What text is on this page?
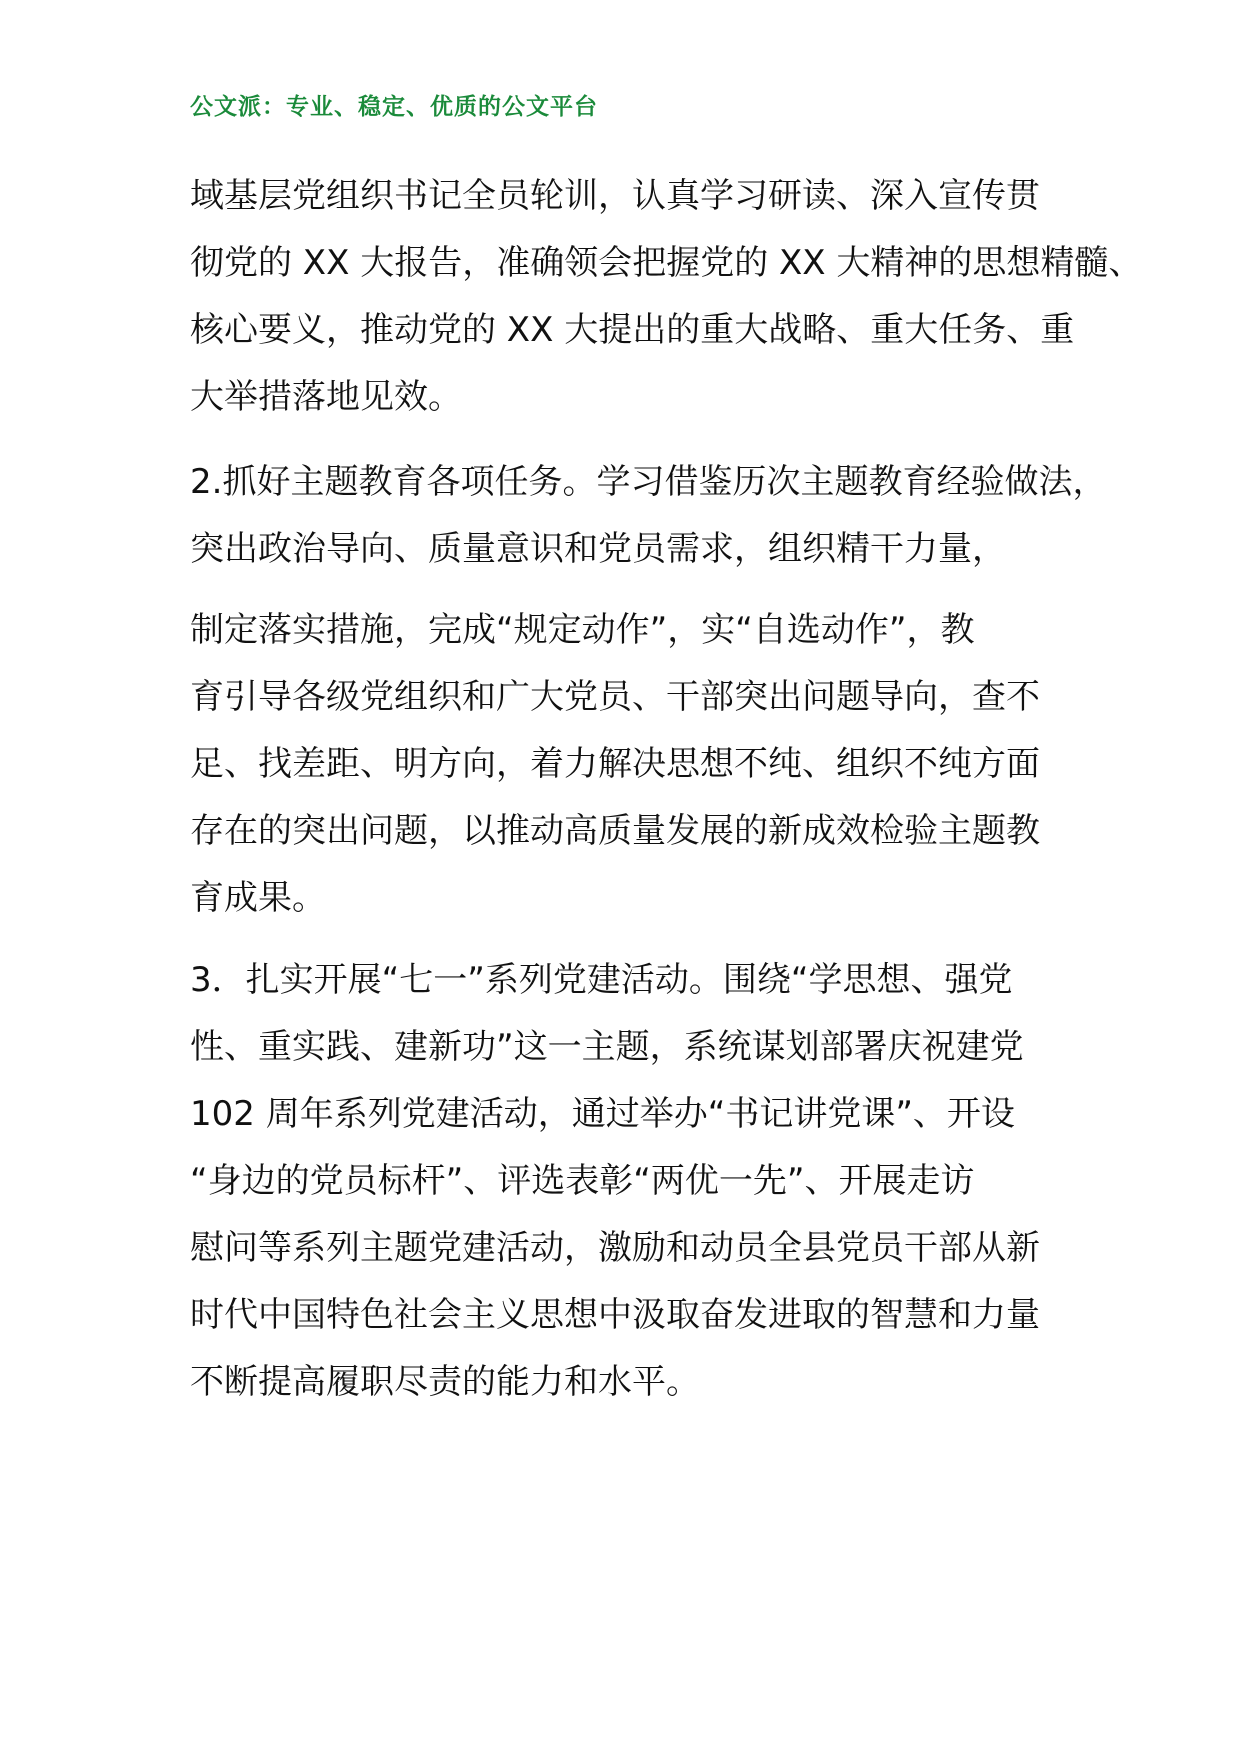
公文派：专业、稳定、优质的公文平台
域基层党组织书记全员轮训，认真学习研读、深入宣传贯
彻党的 XX 大报告，准确领会把握党的 XX 大精神的思想精髓、
核心要义，推动党的 XX 大提出的重大战略、重大任务、重
大举措落地见效。
2.抓好主题教育各项任务。学习借鉴历次主题教育经验做法，
突出政治导向、质量意识和党员需求，组织精干力量，
制定落实措施，完成“规定动作”，实“自选动作”，教
育引导各级党组织和广大党员、干部突出问题导向，查不
足、找差距、明方向，着力解决思想不纯、组织不纯方面
存在的突出问题，以推动高质量发展的新成效检验主题教
育成果。
3．扎实开展“七一”系列党建活动。围绕“学思想、强党
性、重实践、建新功”这一主题，系统谋划部署庆祝建党
102 周年系列党建活动，通过举办“书记讲党课”、开设
“身边的党员标杆”、评选表彰“两优一先”、开展走访
慰问等系列主题党建活动，激励和动员全县党员干部从新
时代中国特色社会主义思想中汲取奋发进取的智慧和力量
不断提高履职尽责的能力和水平。
